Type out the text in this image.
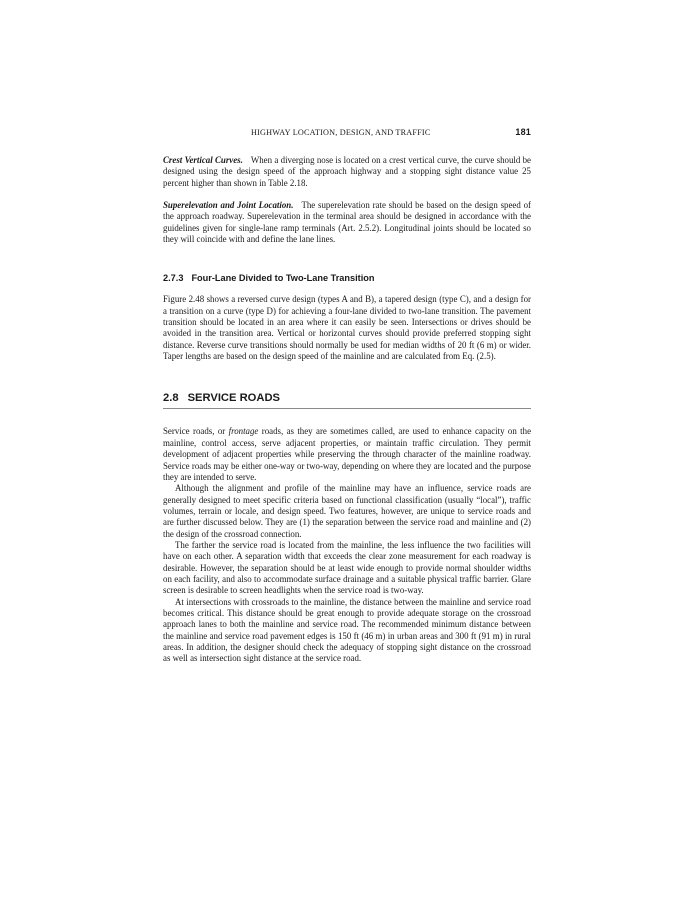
HIGHWAY LOCATION, DESIGN, AND TRAFFIC	181

Crest Vertical Curves. When a diverging nose is located on a crest vertical curve, the curve should be designed using the design speed of the approach highway and a stopping sight distance value 25 percent higher than shown in Table 2.18.

Superelevation and Joint Location. The superelevation rate should be based on the design speed of the approach roadway. Superelevation in the terminal area should be designed in accordance with the guidelines given for single-lane ramp terminals (Art. 2.5.2). Longitudinal joints should be located so they will coincide with and define the lane lines.

2.7.3 Four-Lane Divided to Two-Lane Transition

Figure 2.48 shows a reversed curve design (types A and B), a tapered design (type C), and a design for a transition on a curve (type D) for achieving a four-lane divided to two-lane transition. The pavement transition should be located in an area where it can easily be seen. Intersections or drives should be avoided in the transition area. Vertical or horizontal curves should provide preferred stopping sight distance. Reverse curve transitions should normally be used for median widths of 20 ft (6 m) or wider. Taper lengths are based on the design speed of the mainline and are calculated from Eq. (2.5).

2.8 SERVICE ROADS

Service roads, or frontage roads, as they are sometimes called, are used to enhance capacity on the mainline, control access, serve adjacent properties, or maintain traffic circulation. They permit development of adjacent properties while preserving the through character of the mainline roadway. Service roads may be either one-way or two-way, depending on where they are located and the purpose they are intended to serve.

Although the alignment and profile of the mainline may have an influence, service roads are generally designed to meet specific criteria based on functional classification (usually “local”), traffic volumes, terrain or locale, and design speed. Two features, however, are unique to service roads and are further discussed below. They are (1) the separation between the service road and mainline and (2) the design of the crossroad connection.

The farther the service road is located from the mainline, the less influence the two facilities will have on each other. A separation width that exceeds the clear zone measurement for each roadway is desirable. However, the separation should be at least wide enough to provide normal shoulder widths on each facility, and also to accommodate surface drainage and a suitable physical traffic barrier. Glare screen is desirable to screen headlights when the service road is two-way.

At intersections with crossroads to the mainline, the distance between the mainline and service road becomes critical. This distance should be great enough to provide adequate storage on the crossroad approach lanes to both the mainline and service road. The recommended minimum distance between the mainline and service road pavement edges is 150 ft (46 m) in urban areas and 300 ft (91 m) in rural areas. In addition, the designer should check the adequacy of stopping sight distance on the crossroad as well as intersection sight distance at the service road.
